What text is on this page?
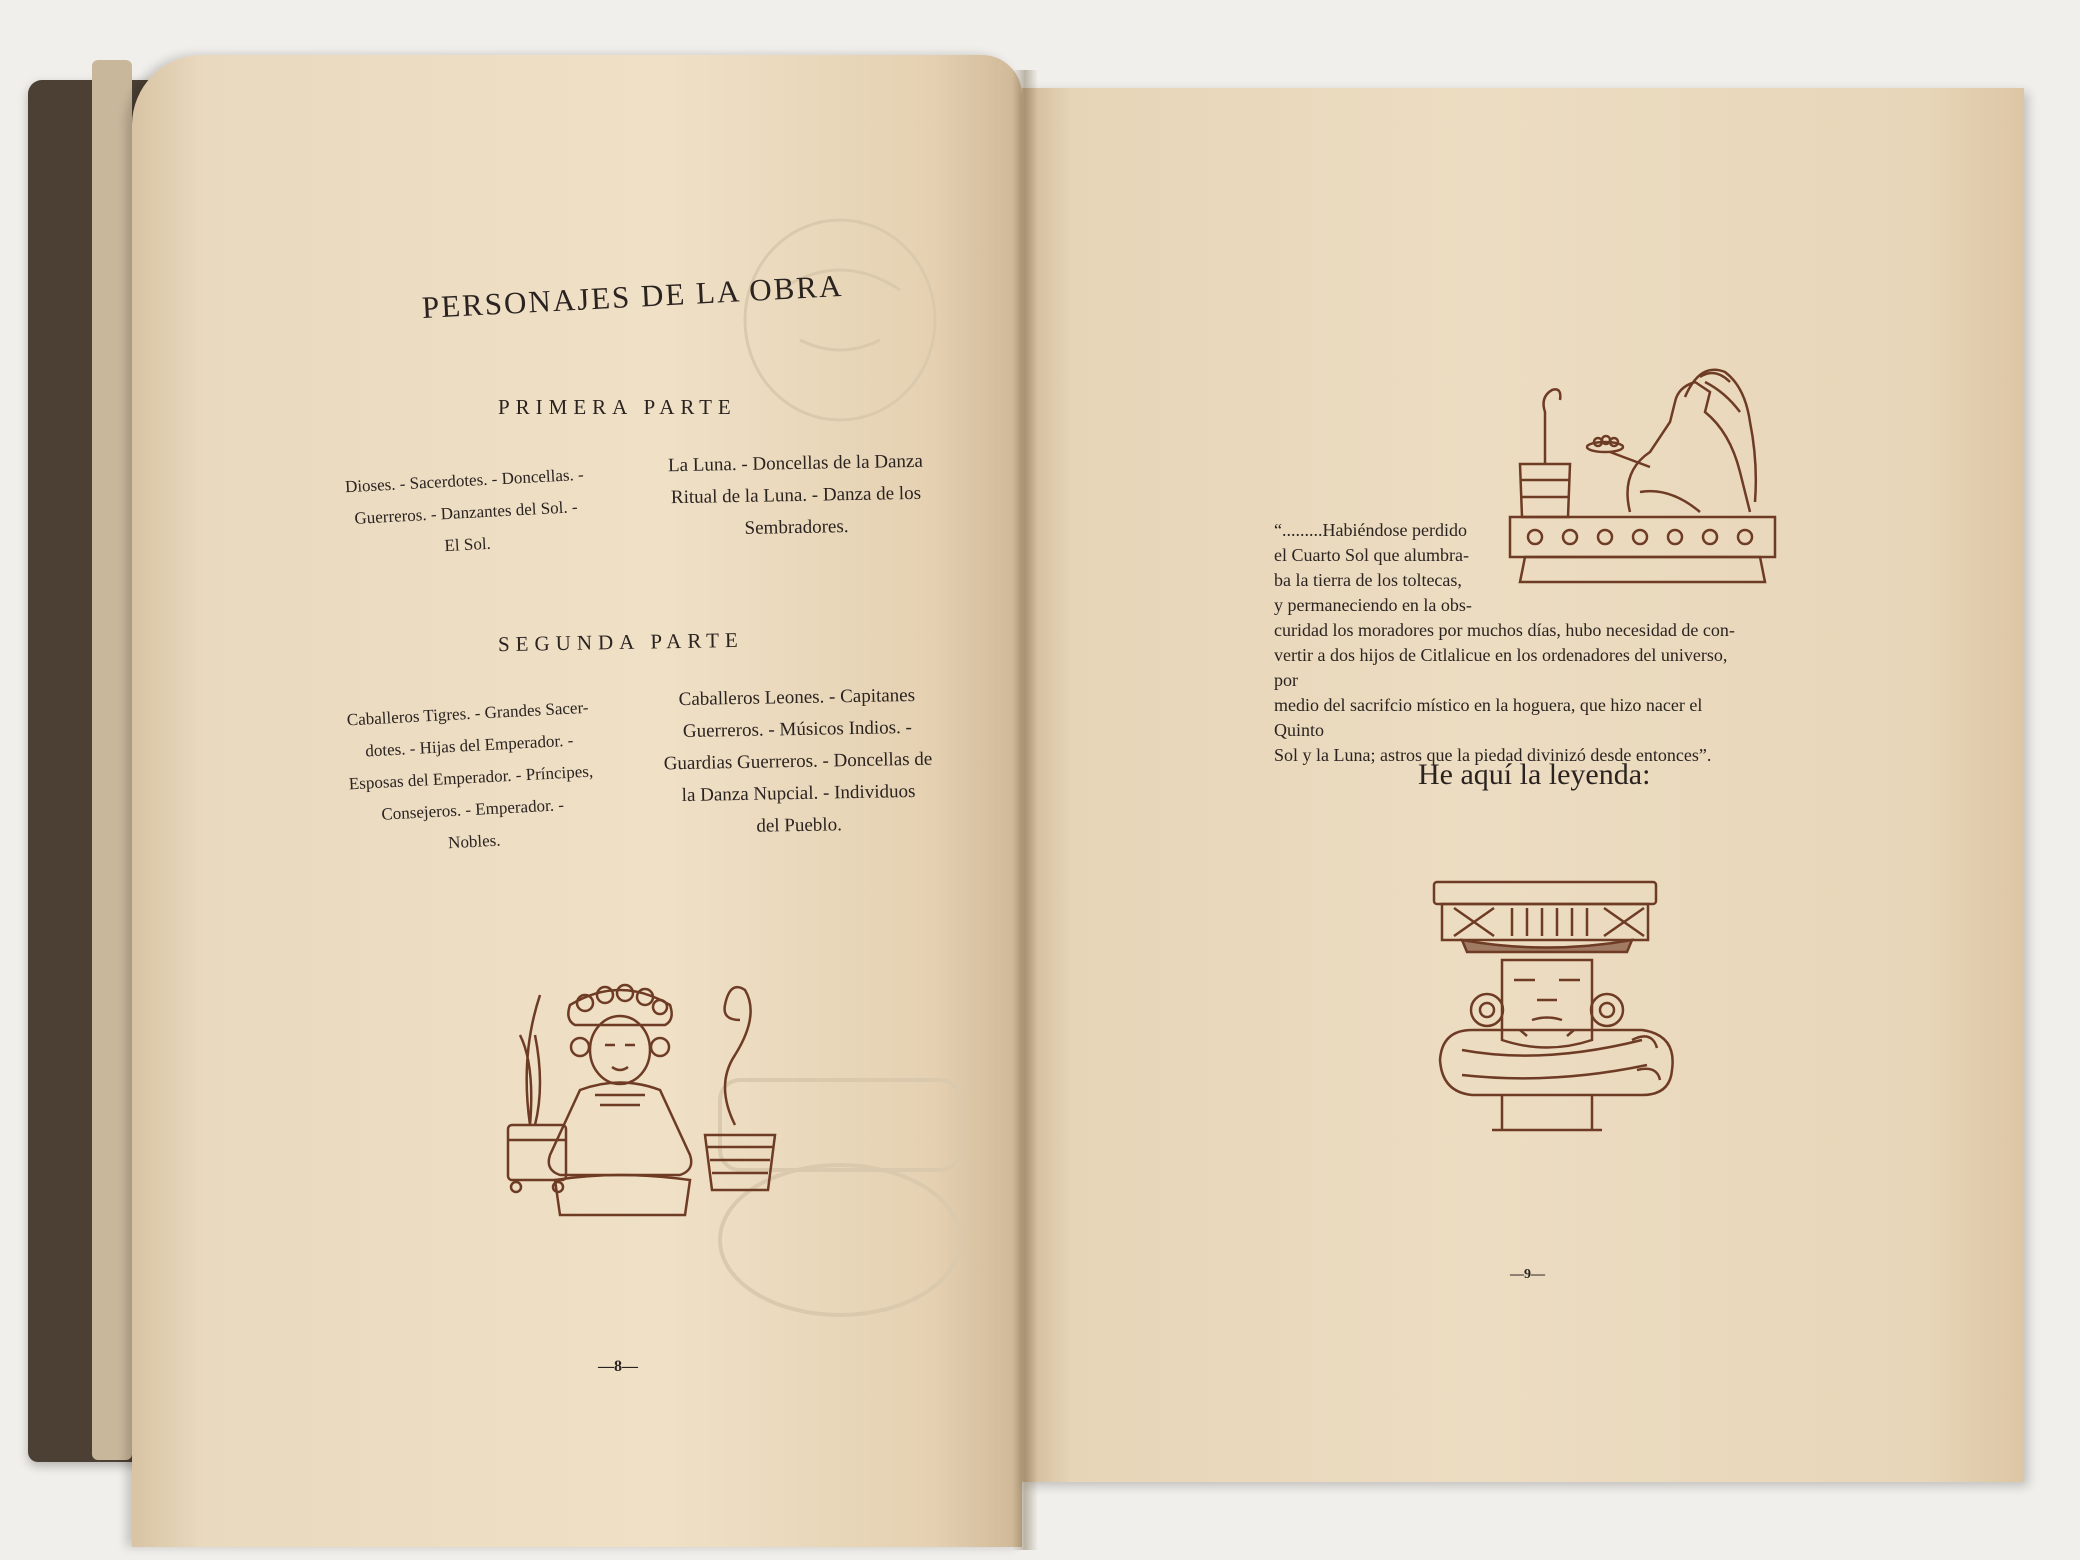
PERSONAJES DE LA OBRA
PRIMERA PARTE
Dioses. - Sacerdotes. - Doncellas. -
Guerreros. - Danzantes del Sol. -
El Sol.
La Luna. - Doncellas de la Danza
Ritual de la Luna. - Danza de los
Sembradores.
SEGUNDA PARTE
Caballeros Tigres. - Grandes Sacer-
dotes. - Hijas del Emperador. -
Esposas del Emperador. - Príncipes,
Consejeros. - Emperador. -
Nobles.
Caballeros Leones. - Capitanes
Guerreros. - Músicos Indios. -
Guardias Guerreros. - Doncellas de
la Danza Nupcial. - Individuos
del Pueblo.
—8—
“.........Habiéndose perdido
el Cuarto Sol que alumbra-
ba la tierra de los toltecas,
y permaneciendo en la obs-
curidad los moradores por muchos días, hubo necesidad de con-
vertir a dos hijos de Citlalicue en los ordenadores del universo, por
medio del sacrifcio místico en la hoguera, que hizo nacer el Quinto
Sol y la Luna; astros que la piedad divinizó desde entonces”.
He aquí la leyenda:
—9—
